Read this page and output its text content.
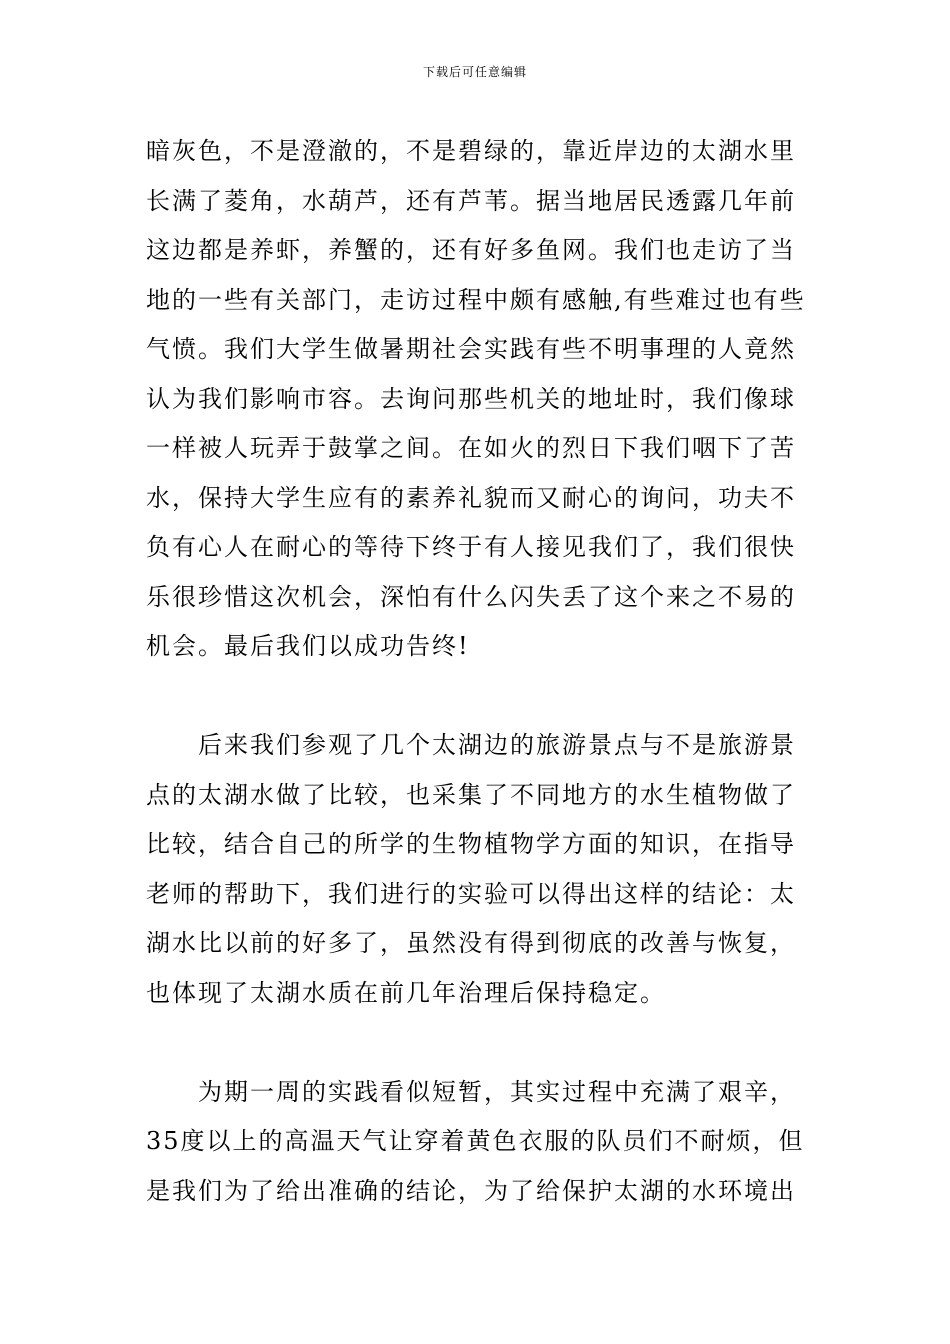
下载后可任意编辑
暗灰色，不是澄澈的，不是碧绿的，靠近岸边的太湖水里
长满了菱角，水葫芦，还有芦苇。据当地居民透露几年前
这边都是养虾，养蟹的，还有好多鱼网。我们也走访了当
地的一些有关部门，走访过程中颇有感触,有些难过也有些
气愤。我们大学生做暑期社会实践有些不明事理的人竟然
认为我们影响市容。去询问那些机关的地址时，我们像球
一样被人玩弄于鼓掌之间。在如火的烈日下我们咽下了苦
水，保持大学生应有的素养礼貌而又耐心的询问，功夫不
负有心人在耐心的等待下终于有人接见我们了，我们很快
乐很珍惜这次机会，深怕有什么闪失丢了这个来之不易的
机会。最后我们以成功告终!
　　后来我们参观了几个太湖边的旅游景点与不是旅游景
点的太湖水做了比较，也采集了不同地方的水生植物做了
比较，结合自己的所学的生物植物学方面的知识，在指导
老师的帮助下，我们进行的实验可以得出这样的结论：太
湖水比以前的好多了，虽然没有得到彻底的改善与恢复，
也体现了太湖水质在前几年治理后保持稳定。
　　为期一周的实践看似短暂，其实过程中充满了艰辛，
35度以上的高温天气让穿着黄色衣服的队员们不耐烦，但
是我们为了给出准确的结论，为了给保护太湖的水环境出
